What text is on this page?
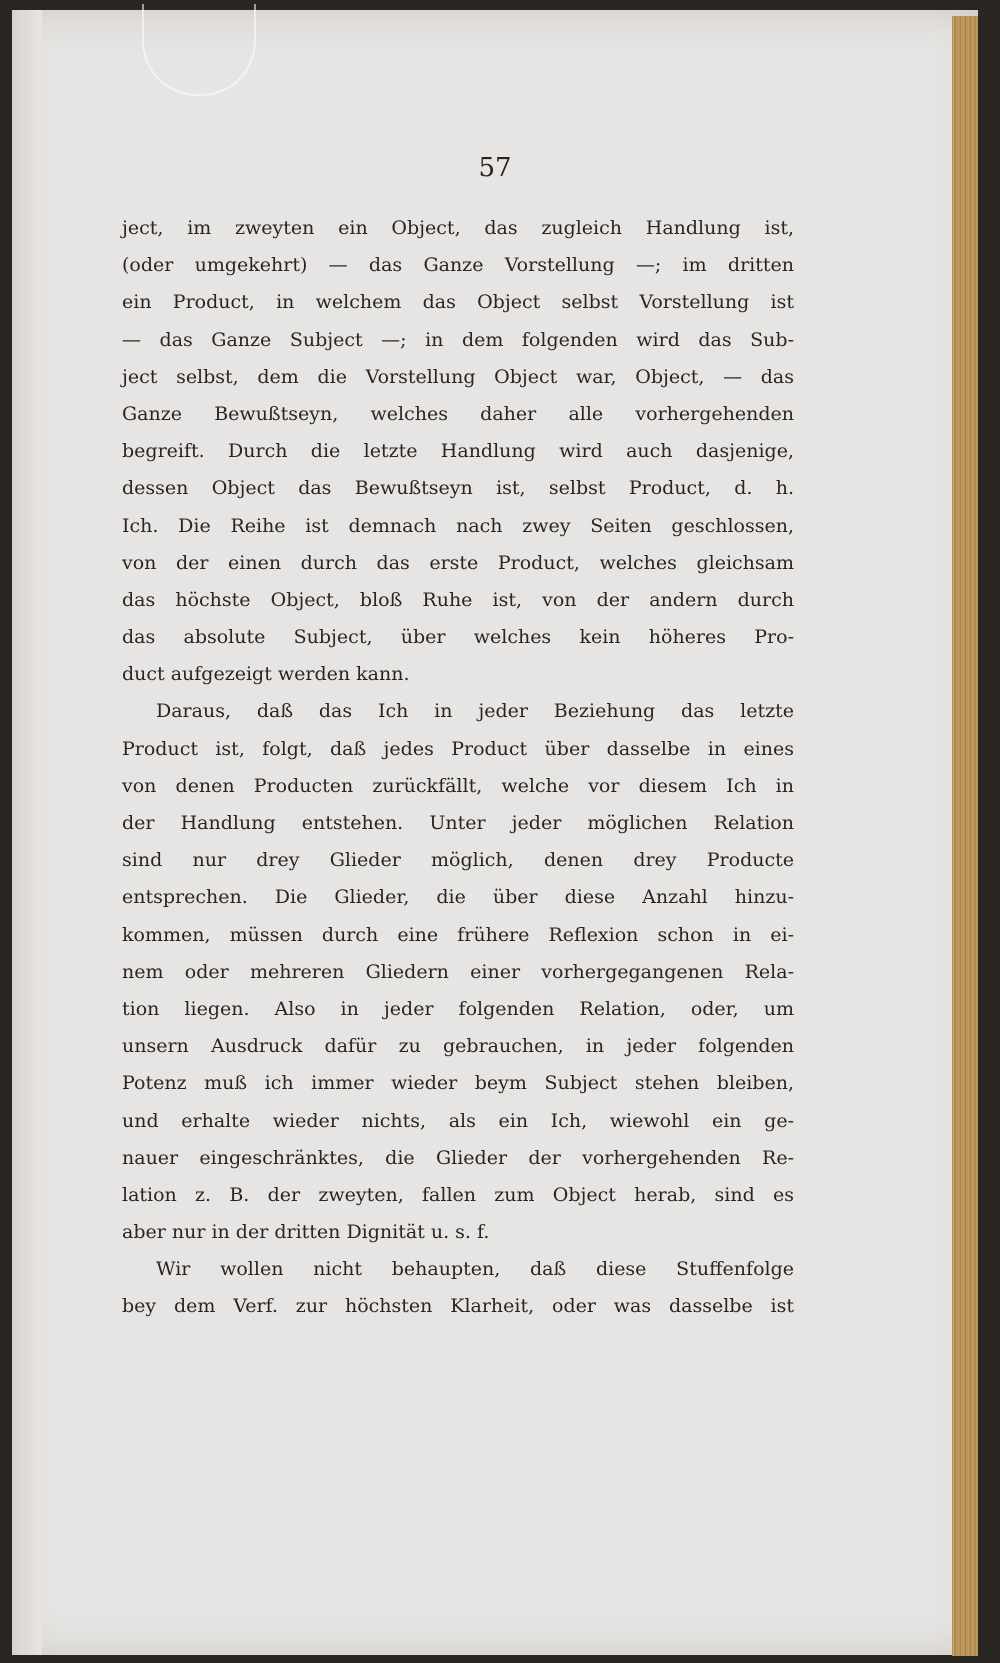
57
ject, im zweyten ein Object, das zugleich Handlung ist,
(oder umgekehrt) — das Ganze Vorstellung —; im dritten
ein Product, in welchem das Object selbst Vorstellung ist
— das Ganze Subject —; in dem folgenden wird das Sub-
ject selbst, dem die Vorstellung Object war, Object, — das
Ganze Bewußtseyn, welches daher alle vorhergehenden
begreift. Durch die letzte Handlung wird auch dasjenige,
dessen Object das Bewußtseyn ist, selbst Product, d. h.
Ich. Die Reihe ist demnach nach zwey Seiten geschlossen,
von der einen durch das erste Product, welches gleichsam
das höchste Object, bloß Ruhe ist, von der andern durch
das absolute Subject, über welches kein höheres Pro-
duct aufgezeigt werden kann.
Daraus, daß das Ich in jeder Beziehung das letzte
Product ist, folgt, daß jedes Product über dasselbe in eines
von denen Producten zurückfällt, welche vor diesem Ich in
der Handlung entstehen. Unter jeder möglichen Relation
sind nur drey Glieder möglich, denen drey Producte
entsprechen. Die Glieder, die über diese Anzahl hinzu-
kommen, müssen durch eine frühere Reflexion schon in ei-
nem oder mehreren Gliedern einer vorhergegangenen Rela-
tion liegen. Also in jeder folgenden Relation, oder, um
unsern Ausdruck dafür zu gebrauchen, in jeder folgenden
Potenz muß ich immer wieder beym Subject stehen bleiben,
und erhalte wieder nichts, als ein Ich, wiewohl ein ge-
nauer eingeschränktes, die Glieder der vorhergehenden Re-
lation z. B. der zweyten, fallen zum Object herab, sind es
aber nur in der dritten Dignität u. s. f.
Wir wollen nicht behaupten, daß diese Stuffenfolge
bey dem Verf. zur höchsten Klarheit, oder was dasselbe ist
